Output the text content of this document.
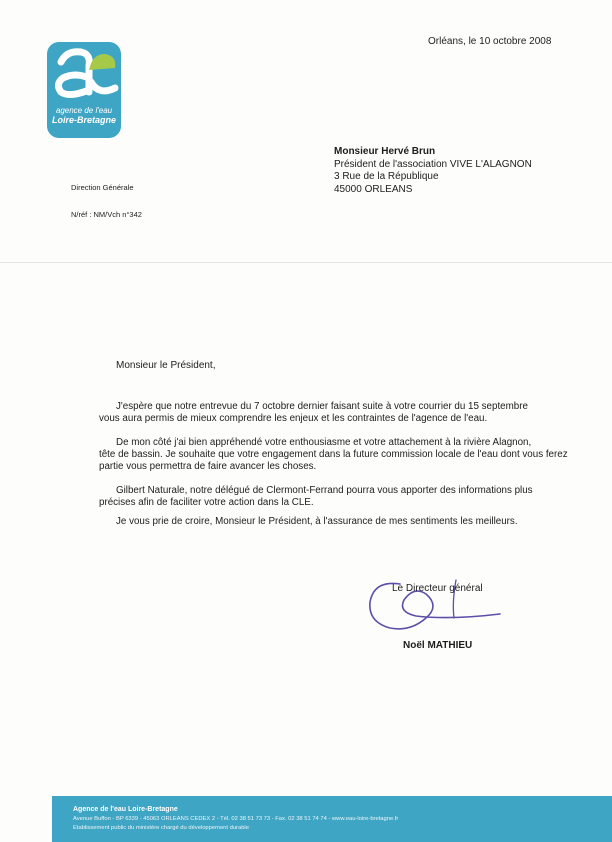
agence de l'eau
Loire-Bretagne
Orléans, le 10 octobre 2008
Monsieur Hervé Brun
Président de l'association VIVE L'ALAGNON
3 Rue de la République
45000 ORLEANS
Direction Générale
N/réf : NM/Vch n°342
Monsieur le Président,
J'espère que notre entrevue du 7 octobre dernier faisant suite à votre courrier du 15 septembre
vous aura permis de mieux comprendre les enjeux et les contraintes de l'agence de l'eau.
De mon côté j'ai bien appréhendé votre enthousiasme et votre attachement à la rivière Alagnon,
tête de bassin. Je souhaite que votre engagement dans la future commission locale de l'eau dont vous ferez
partie vous permettra de faire avancer les choses.
Gilbert Naturale, notre délégué de Clermont-Ferrand pourra vous apporter des informations plus
précises afin de faciliter votre action dans la CLE.
Je vous prie de croire, Monsieur le Président, à l'assurance de mes sentiments les meilleurs.
Le Directeur général
Noël MATHIEU
Agence de l'eau Loire-Bretagne
Avenue Buffon - BP 6339 - 45063 ORLEANS CEDEX 2 - Tél. 02 38 51 73 73 - Fax. 02 38 51 74 74 - www.eau-loire-bretagne.fr
Etablissement public du ministère chargé du développement durable
